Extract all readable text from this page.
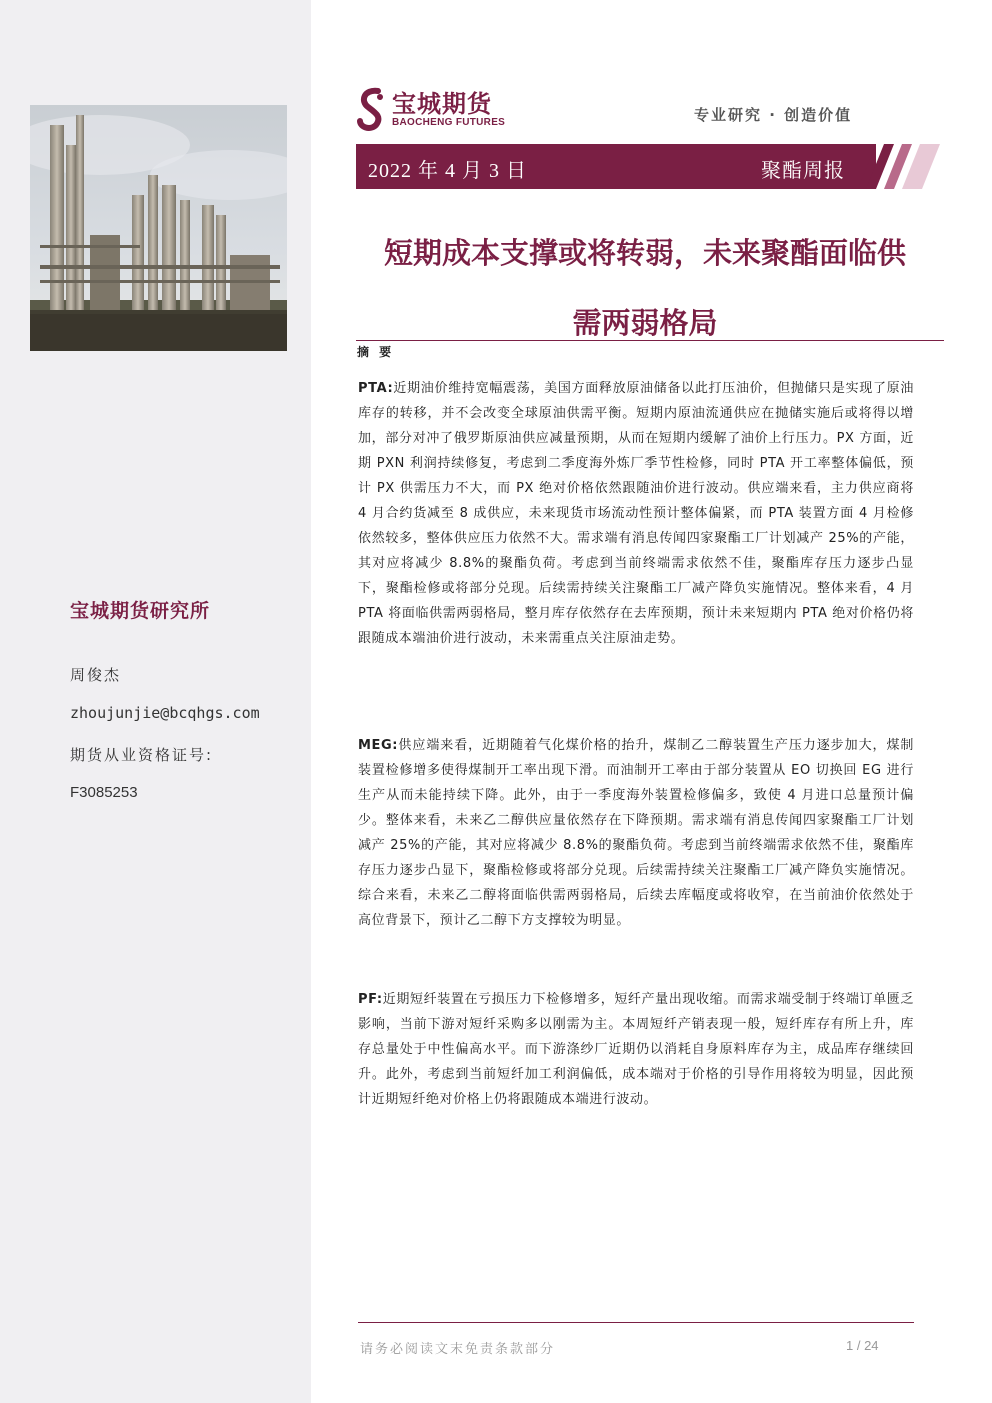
宝城期货研究所
周俊杰
zhoujunjie@bcqhgs.com
期货从业资格证号:
F3085253
宝城期货
BAOCHENG FUTURES	专业研究 · 创造价值
2022 年 4 月 3 日	聚酯周报
短期成本支撑或将转弱，未来聚酯面临供
需两弱格局
摘 要
PTA:近期油价维持宽幅震荡，美国方面释放原油储备以此打压油价，但抛储只是实现了原油库存的转移，并不会改变全球原油供需平衡。短期内原油流通供应在抛储实施后或将得以增加，部分对冲了俄罗斯原油供应减量预期，从而在短期内缓解了油价上行压力。PX 方面，近期 PXN 利润持续修复，考虑到二季度海外炼厂季节性检修，同时 PTA 开工率整体偏低，预计 PX 供需压力不大，而 PX 绝对价格依然跟随油价进行波动。供应端来看，主力供应商将 4 月合约货减至 8 成供应，未来现货市场流动性预计整体偏紧，而 PTA 装置方面 4 月检修依然较多，整体供应压力依然不大。需求端有消息传闻四家聚酯工厂计划减产 25%的产能，其对应将减少 8.8%的聚酯负荷。考虑到当前终端需求依然不佳，聚酯库存压力逐步凸显下，聚酯检修或将部分兑现。后续需持续关注聚酯工厂减产降负实施情况。整体来看，4 月 PTA 将面临供需两弱格局，整月库存依然存在去库预期，预计未来短期内 PTA 绝对价格仍将跟随成本端油价进行波动，未来需重点关注原油走势。
MEG:供应端来看，近期随着气化煤价格的抬升，煤制乙二醇装置生产压力逐步加大，煤制装置检修增多使得煤制开工率出现下滑。而油制开工率由于部分装置从 EO 切换回 EG 进行生产从而未能持续下降。此外，由于一季度海外装置检修偏多，致使 4 月进口总量预计偏少。整体来看，未来乙二醇供应量依然存在下降预期。需求端有消息传闻四家聚酯工厂计划减产 25%的产能，其对应将减少 8.8%的聚酯负荷。考虑到当前终端需求依然不佳，聚酯库存压力逐步凸显下，聚酯检修或将部分兑现。后续需持续关注聚酯工厂减产降负实施情况。综合来看，未来乙二醇将面临供需两弱格局，后续去库幅度或将收窄，在当前油价依然处于高位背景下，预计乙二醇下方支撑较为明显。
PF:近期短纤装置在亏损压力下检修增多，短纤产量出现收缩。而需求端受制于终端订单匮乏影响，当前下游对短纤采购多以刚需为主。本周短纤产销表现一般，短纤库存有所上升，库存总量处于中性偏高水平。而下游涤纱厂近期仍以消耗自身原料库存为主，成品库存继续回升。此外，考虑到当前短纤加工利润偏低，成本端对于价格的引导作用将较为明显，因此预计近期短纤绝对价格上仍将跟随成本端进行波动。
请务必阅读文末免责条款部分	1 / 24
